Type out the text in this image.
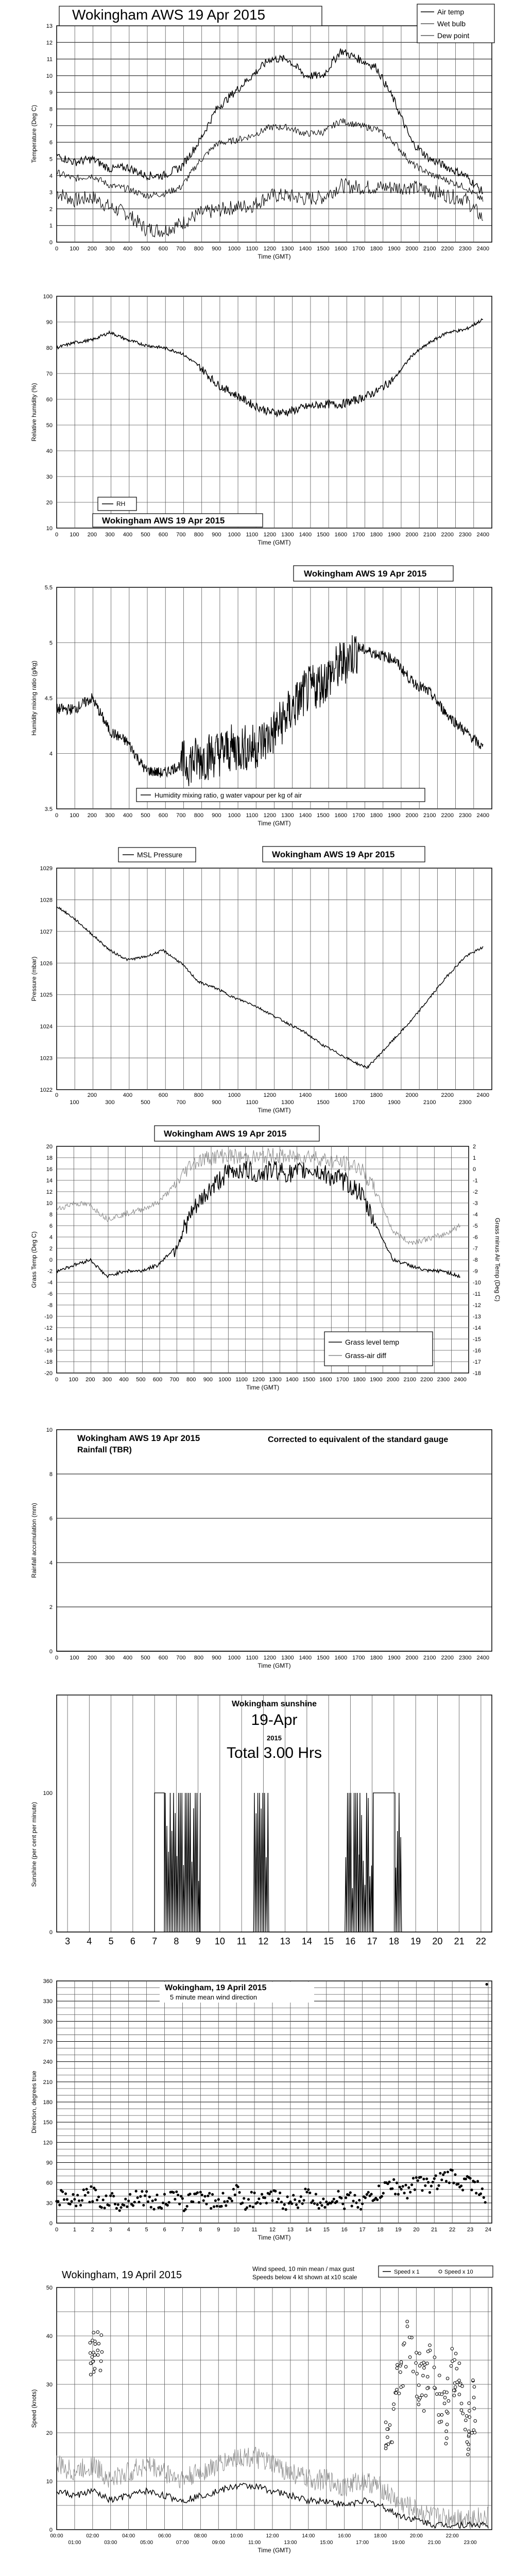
0
1
2
3
4
5
6
7
8
9
10
11
12
13
0 100 200 300 400 500 600 700 800 900 1000 1100 1200 1300 1400 1500 1600 1700 1800 1900 2000 2100 2200 2300 2400
Time (GMT)
Temperature (Deg C)
Wokingham AWS 19 Apr 2015	Air temp
Wet bulb
Dew point
10
20
30
40
50
60
70
80
90
100
0 100 200 300 400 500 600 700 800 900 1000 1100 1200 1300 1400 1500 1600 1700 1800 1900 2000 2100 2200 2300 2400
Time (GMT)
Relative humidity (%)
RH
Wokingham AWS 19 Apr 2015
3.5
4
4.5
5
5.5
0 100 200 300 400 500 600 700 800 900 1000 1100 1200 1300 1400 1500 1600 1700 1800 1900 2000 2100 2200 2300 2400
Time (GMT)
Humidity mixing ratio (g/kg)
Wokingham AWS 19 Apr 2015
Humidity mixing ratio, g water vapour per kg of air
1022
1023
1024
1025
1026
1027
1028
1029
0	200	400	600	800	1000	1200	1400	1600	1800	2000	2200	2400
100	300	500	700	900	1100	1300	1500	1700	1900	2100	2300
Time (GMT)
Pressure (mbar)
MSL Pressure	Wokingham AWS 19 Apr 2015
20
18
16
14
12
10
8
6
4
2
0
-2
-4
-6
-8
-10
-12
-14
-16
-18
-20
2
1
0
-1
-2
-3
-4
-5
-6
-7
-8
-9
-10
-11
-12
-13
-14
-15
-16
-17
-18
0 100 200 300 400 500 600 700 800 900 1000 1100 1200 1300 1400 1500 1600 1700 1800 1900 2000 2100 2200 2300 2400
Time (GMT)
Grass Temp (Deg C)	Grass minus Air Temp (Deg C)
Wokingham AWS 19 Apr 2015
Grass level temp
Grass-air diff
0
2
4
6
8
10
0 100 200 300 400 500 600 700 800 900 1000 1100 1200 1300 1400 1500 1600 1700 1800 1900 2000 2100 2200 2300 2400
Time (GMT)
Rainfall accumulation (mm)
Wokingham AWS 19 Apr 2015
Rainfall (TBR)
Corrected to equivalent of the standard gauge
0
100
3 4 5 6 7 8 9 10 11 12 13 14 15 16 17 18 19 20 21 22
Sunshine (per cent per minute)
Wokingham sunshine
19-Apr
2015
Total 3.00 Hrs
0
30
60
90
120
150
180
210
240
270
300
330
360
0	1	2	3	4	5	6	7	8	9 10 11 12 13 14 15 16 17 18 19 20 21 22 23 24
Time (GMT)
Direction, degrees true
Wokingham, 19 April 2015
5 minute mean wind direction
0
10
20
30
40
50
00:00
01:00
02:00
03:00
04:00
05:00
06:00
07:00
08:00
09:00
10:00
11:00
12:00
13:00
14:00
15:00
16:00
17:00
18:00
19:00
20:00
21:00
22:00
23:00
Time (GMT)
Speed (knots)
Wokingham, 19 April 2015
Wind speed, 10 min mean / max gust
Speeds below 4 kt shown at x10 scale
Speed x 1	Speed x 10
